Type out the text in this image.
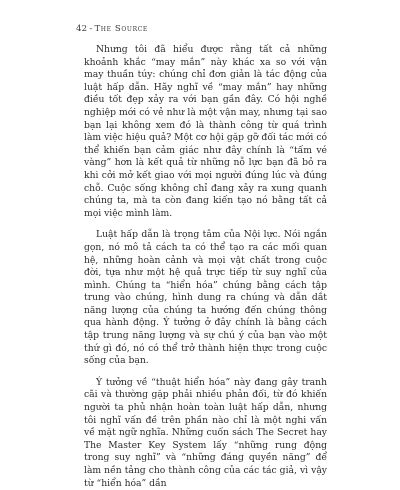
42 - The Source

Nhưng tôi đã hiểu được rằng tất cả những khoảnh khắc “may mắn” này khác xa so với vận may thuần túy: chúng chỉ đơn giản là tác động của luật hấp dẫn. Hãy nghĩ về “may mắn” hay những điều tốt đẹp xảy ra với bạn gần đây. Có hội nghề nghiệp mới có vẻ như là một vận may, nhưng tại sao bạn lại không xem đó là thành công từ quá trình làm việc hiệu quả? Một cơ hội gặp gỡ đối tác mới có thể khiến bạn cảm giác như đây chính là “tấm vé vàng” hơn là kết quả từ những nỗ lực bạn đã bỏ ra khi cởi mở kết giao với mọi người đúng lúc và đúng chỗ. Cuộc sống không chỉ đang xảy ra xung quanh chúng ta, mà ta còn đang kiến tạo nó bằng tất cả mọi việc mình làm.

Luật hấp dẫn là trọng tâm của Nội lực. Nói ngắn gọn, nó mô tả cách ta có thể tạo ra các mối quan hệ, những hoàn cảnh và mọi vật chất trong cuộc đời, tựa như một hệ quả trực tiếp từ suy nghĩ của mình. Chúng ta “hiển hóa” chúng bằng cách tập trung vào chúng, hình dung ra chúng và dẫn dắt năng lượng của chúng ta hướng đến chúng thông qua hành động. Ý tưởng ở đây chính là bằng cách tập trung năng lượng và sự chú ý của bạn vào một thứ gì đó, nó có thể trở thành hiện thực trong cuộc sống của bạn.

Ý tưởng về “thuật hiển hóa” này đang gây tranh cãi và thường gặp phải nhiều phản đối, từ đó khiến người ta phủ nhận hoàn toàn luật hấp dẫn, nhưng tôi nghĩ vấn đề trên phần nào chỉ là một nghi vấn về mặt ngữ nghĩa. Những cuốn sách The Secret hay The Master Key System lấy “những rung động trong suy nghĩ” và “những đáng quyền năng” để làm nền tảng cho thành công của các tác giả, vì vậy từ “hiển hóa” dần
